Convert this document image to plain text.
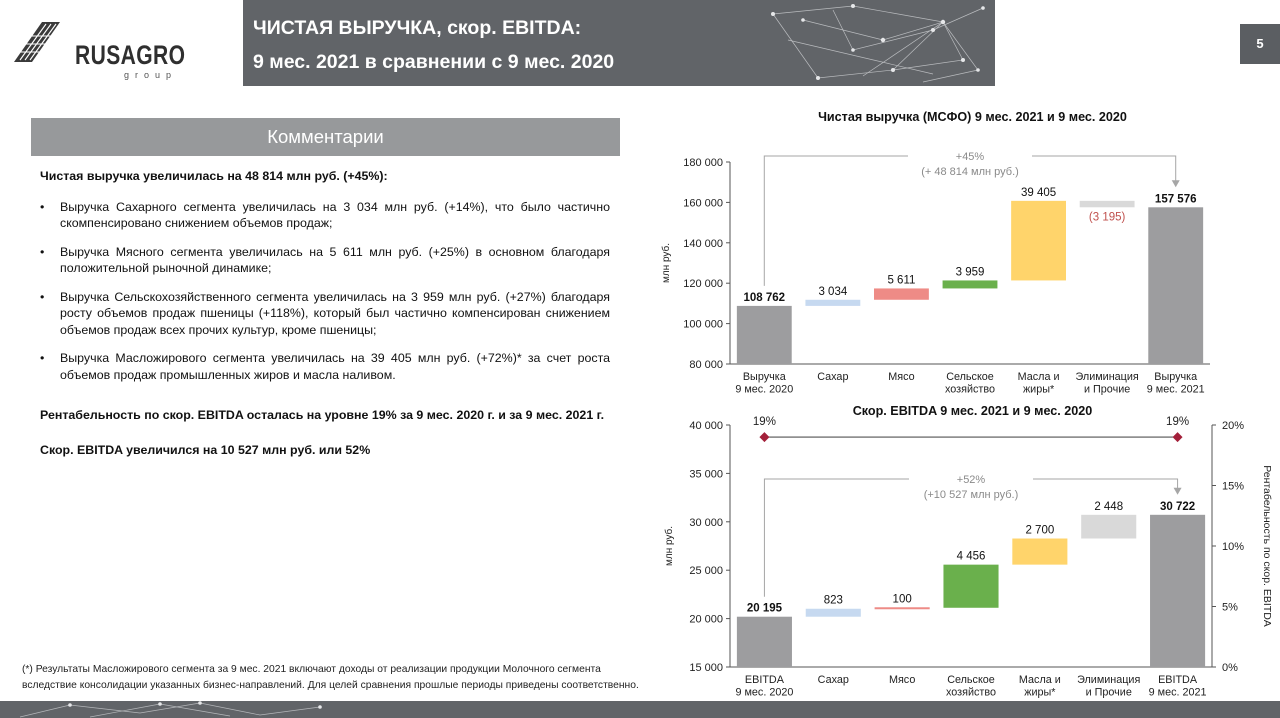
RUSAGRO
group
ЧИСТАЯ ВЫРУЧКА, скор. EBITDA:
9 мес. 2021 в сравнении с 9 мес. 2020
5
Комментарии

Чистая выручка увеличилась на 48 814 млн руб. (+45%):

• Выручка Сахарного сегмента увеличилась на 3 034 млн руб. (+14%), что было частично скомпенсировано снижением объемов продаж;
• Выручка Мясного сегмента увеличилась на 5 611 млн руб. (+25%) в основном благодаря положительной рыночной динамике;
• Выручка Сельскохозяйственного сегмента увеличилась на 3 959 млн руб. (+27%) благодаря росту объемов продаж пшеницы (+118%), который был частично компенсирован снижением объемов продаж всех прочих культур, кроме пшеницы;
• Выручка Масложирового сегмента увеличилась на 39 405 млн руб. (+72%)* за счет роста объемов продаж промышленных жиров и масла наливом.

Рентабельность по скор. EBITDA осталась на уровне 19% за 9 мес. 2020 г. и за 9 мес. 2021 г.

Скор. EBITDA увеличился на 10 527 млн руб. или 52%

(*) Результаты Масложирового сегмента за 9 мес. 2021 включают доходы от реализации продукции Молочного сегмента
вследствие консолидации указанных бизнес-направлений. Для целей сравнения прошлые периоды приведены соответственно.
Чистая выручка (МСФО) 9 мес. 2021 и 9 мес. 2020
Скор. EBITDA 9 мес. 2021 и 9 мес. 2020
80 000
100 000
120 000
140 000
160 000
180 000
млн руб.
108 762
Выручка
9 мес. 2020
3 034
Сахар
5 611
Мясо
3 959
Сельское
хозяйство
39 405
Масла и
жиры*
(3 195)
Элиминация
и Прочие
157 576
Выручка
9 мес. 2021
+45%
(+ 48 814 млн руб.)
15 000
20 000
25 000
30 000
35 000
40 000
млн руб.
20 195
EBITDA
9 мес. 2020
823
Сахар
100
Мясо
4 456
Сельское
хозяйство
2 700
Масла и
жиры*
2 448
Элиминация
и Прочие
30 722
EBITDA
9 мес. 2021
+52%
(+10 527 млн руб.)
0%
5%
10%
15%
20%
Рентабельность по скор. EBITDA
19%	19%
